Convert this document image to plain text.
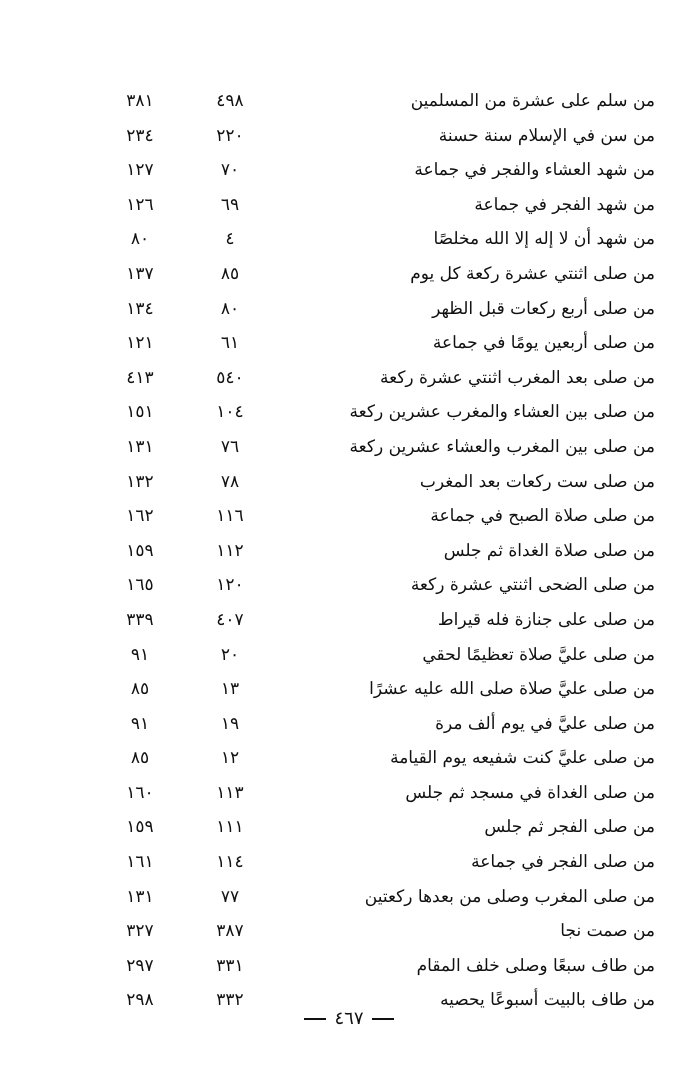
من سلم على عشرة من المسلمين
٤٩٨
٣٨١
من سن في الإسلام سنة حسنة
٢٢٠
٢٣٤
من شهد العشاء والفجر في جماعة
٧٠
١٢٧
من شهد الفجر في جماعة
٦٩
١٢٦
من شهد أن لا إله إلا الله مخلصًا
٤
٨٠
من صلى اثنتي عشرة ركعة كل يوم
٨٥
١٣٧
من صلى أربع ركعات قبل الظهر
٨٠
١٣٤
من صلى أربعين يومًا في جماعة
٦١
١٢١
من صلى بعد المغرب اثنتي عشرة ركعة
٥٤٠
٤١٣
من صلى بين العشاء والمغرب عشرين ركعة
١٠٤
١٥١
من صلى بين المغرب والعشاء عشرين ركعة
٧٦
١٣١
من صلى ست ركعات بعد المغرب
٧٨
١٣٢
من صلى صلاة الصبح في جماعة
١١٦
١٦٢
من صلى صلاة الغداة ثم جلس
١١٢
١٥٩
من صلى الضحى اثنتي عشرة ركعة
١٢٠
١٦٥
من صلى على جنازة فله قيراط
٤٠٧
٣٣٩
من صلى عليَّ صلاة تعظيمًا لحقي
٢٠
٩١
من صلى عليَّ صلاة صلى الله عليه عشرًا
١٣
٨٥
من صلى عليَّ في يوم ألف مرة
١٩
٩١
من صلى عليَّ كنت شفيعه يوم القيامة
١٢
٨٥
من صلى الغداة في مسجد ثم جلس
١١٣
١٦٠
من صلى الفجر ثم جلس
١١١
١٥٩
من صلى الفجر في جماعة
١١٤
١٦١
من صلى المغرب وصلى من بعدها ركعتين
٧٧
١٣١
من صمت نجا
٣٨٧
٣٢٧
من طاف سبعًا وصلى خلف المقام
٣٣١
٢٩٧
من طاف بالبيت أسبوعًا يحصيه
٣٣٢
٢٩٨
٤٦٧
